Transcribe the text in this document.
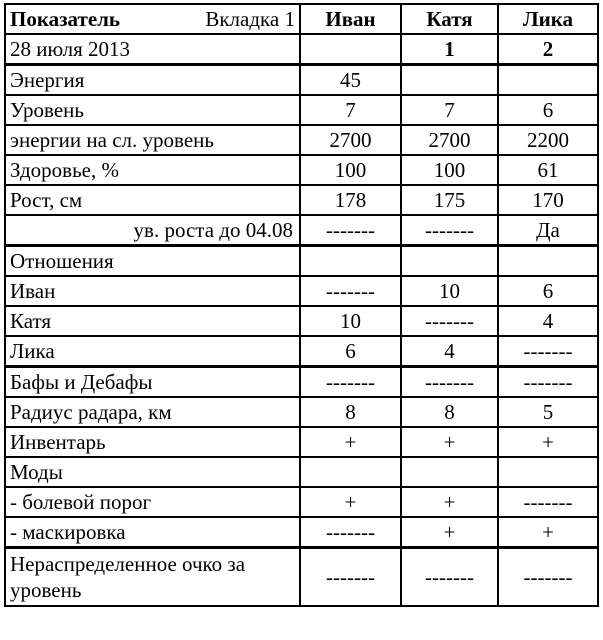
Показатель Вкладка 1	Иван	Катя	Лика
28 июля 2013		1	2
Энергия	45		
Уровень	7	7	6
энергии на сл. уровень	2700	2700	2200
Здоровье, %	100	100	61
Рост, см	178	175	170
ув. роста до 04.08	-------	-------	Да
Отношения			
Иван	-------	10	6
Катя	10	-------	4
Лика	6	4	-------
Бафы и Дебафы	-------	-------	-------
Радиус радара, км	8	8	5
Инвентарь	+	+	+
Моды			
- болевой порог	+	+	-------
- маскировка	-------	+	+
Нераспределенное очко за уровень	-------	-------	-------
